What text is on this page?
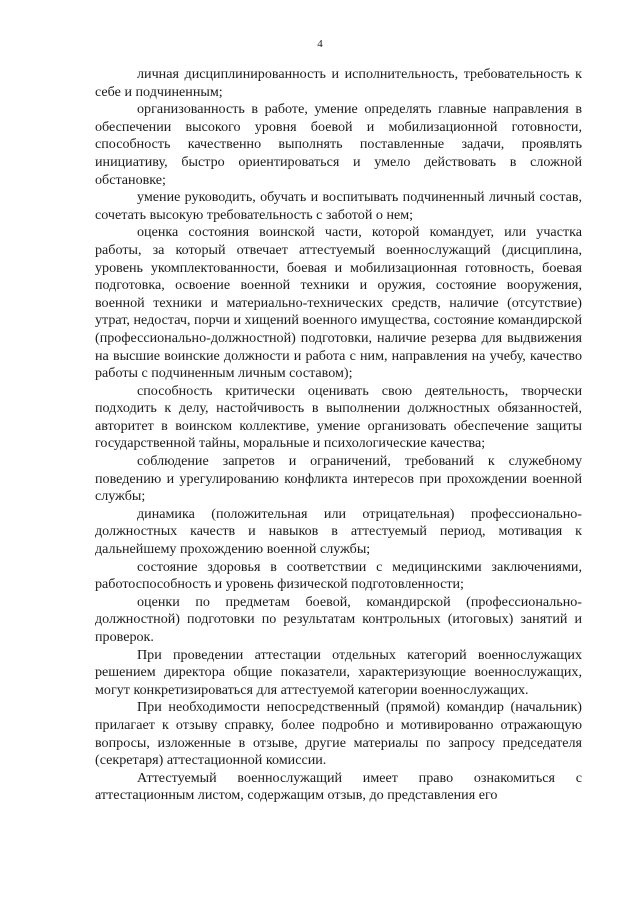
4

личная дисциплинированность и исполнительность, требовательность к себе и подчиненным;

организованность в работе, умение определять главные направления в обеспечении высокого уровня боевой и мобилизационной готовности, способность качественно выполнять поставленные задачи, проявлять инициативу, быстро ориентироваться и умело действовать в сложной обстановке;

умение руководить, обучать и воспитывать подчиненный личный состав, сочетать высокую требовательность с заботой о нем;

оценка состояния воинской части, которой командует, или участка работы, за который отвечает аттестуемый военнослужащий (дисциплина, уровень укомплектованности, боевая и мобилизационная готовность, боевая подготовка, освоение военной техники и оружия, состояние вооружения, военной техники и материально-технических средств, наличие (отсутствие) утрат, недостач, порчи и хищений военного имущества, состояние командирской (профессионально-должностной) подготовки, наличие резерва для выдвижения на высшие воинские должности и работа с ним, направления на учебу, качество работы с подчиненным личным составом);

способность критически оценивать свою деятельность, творчески подходить к делу, настойчивость в выполнении должностных обязанностей, авторитет в воинском коллективе, умение организовать обеспечение защиты государственной тайны, моральные и психологические качества;

соблюдение запретов и ограничений, требований к служебному поведению и урегулированию конфликта интересов при прохождении военной службы;

динамика (положительная или отрицательная) профессионально-должностных качеств и навыков в аттестуемый период, мотивация к дальнейшему прохождению военной службы;

состояние здоровья в соответствии с медицинскими заключениями, работоспособность и уровень физической подготовленности;

оценки по предметам боевой, командирской (профессионально-должностной) подготовки по результатам контрольных (итоговых) занятий и проверок.

При проведении аттестации отдельных категорий военнослужащих решением директора общие показатели, характеризующие военнослужащих, могут конкретизироваться для аттестуемой категории военнослужащих.

При необходимости непосредственный (прямой) командир (начальник) прилагает к отзыву справку, более подробно и мотивированно отражающую вопросы, изложенные в отзыве, другие материалы по запросу председателя (секретаря) аттестационной комиссии.

Аттестуемый военнослужащий имеет право ознакомиться с аттестационным листом, содержащим отзыв, до представления его
